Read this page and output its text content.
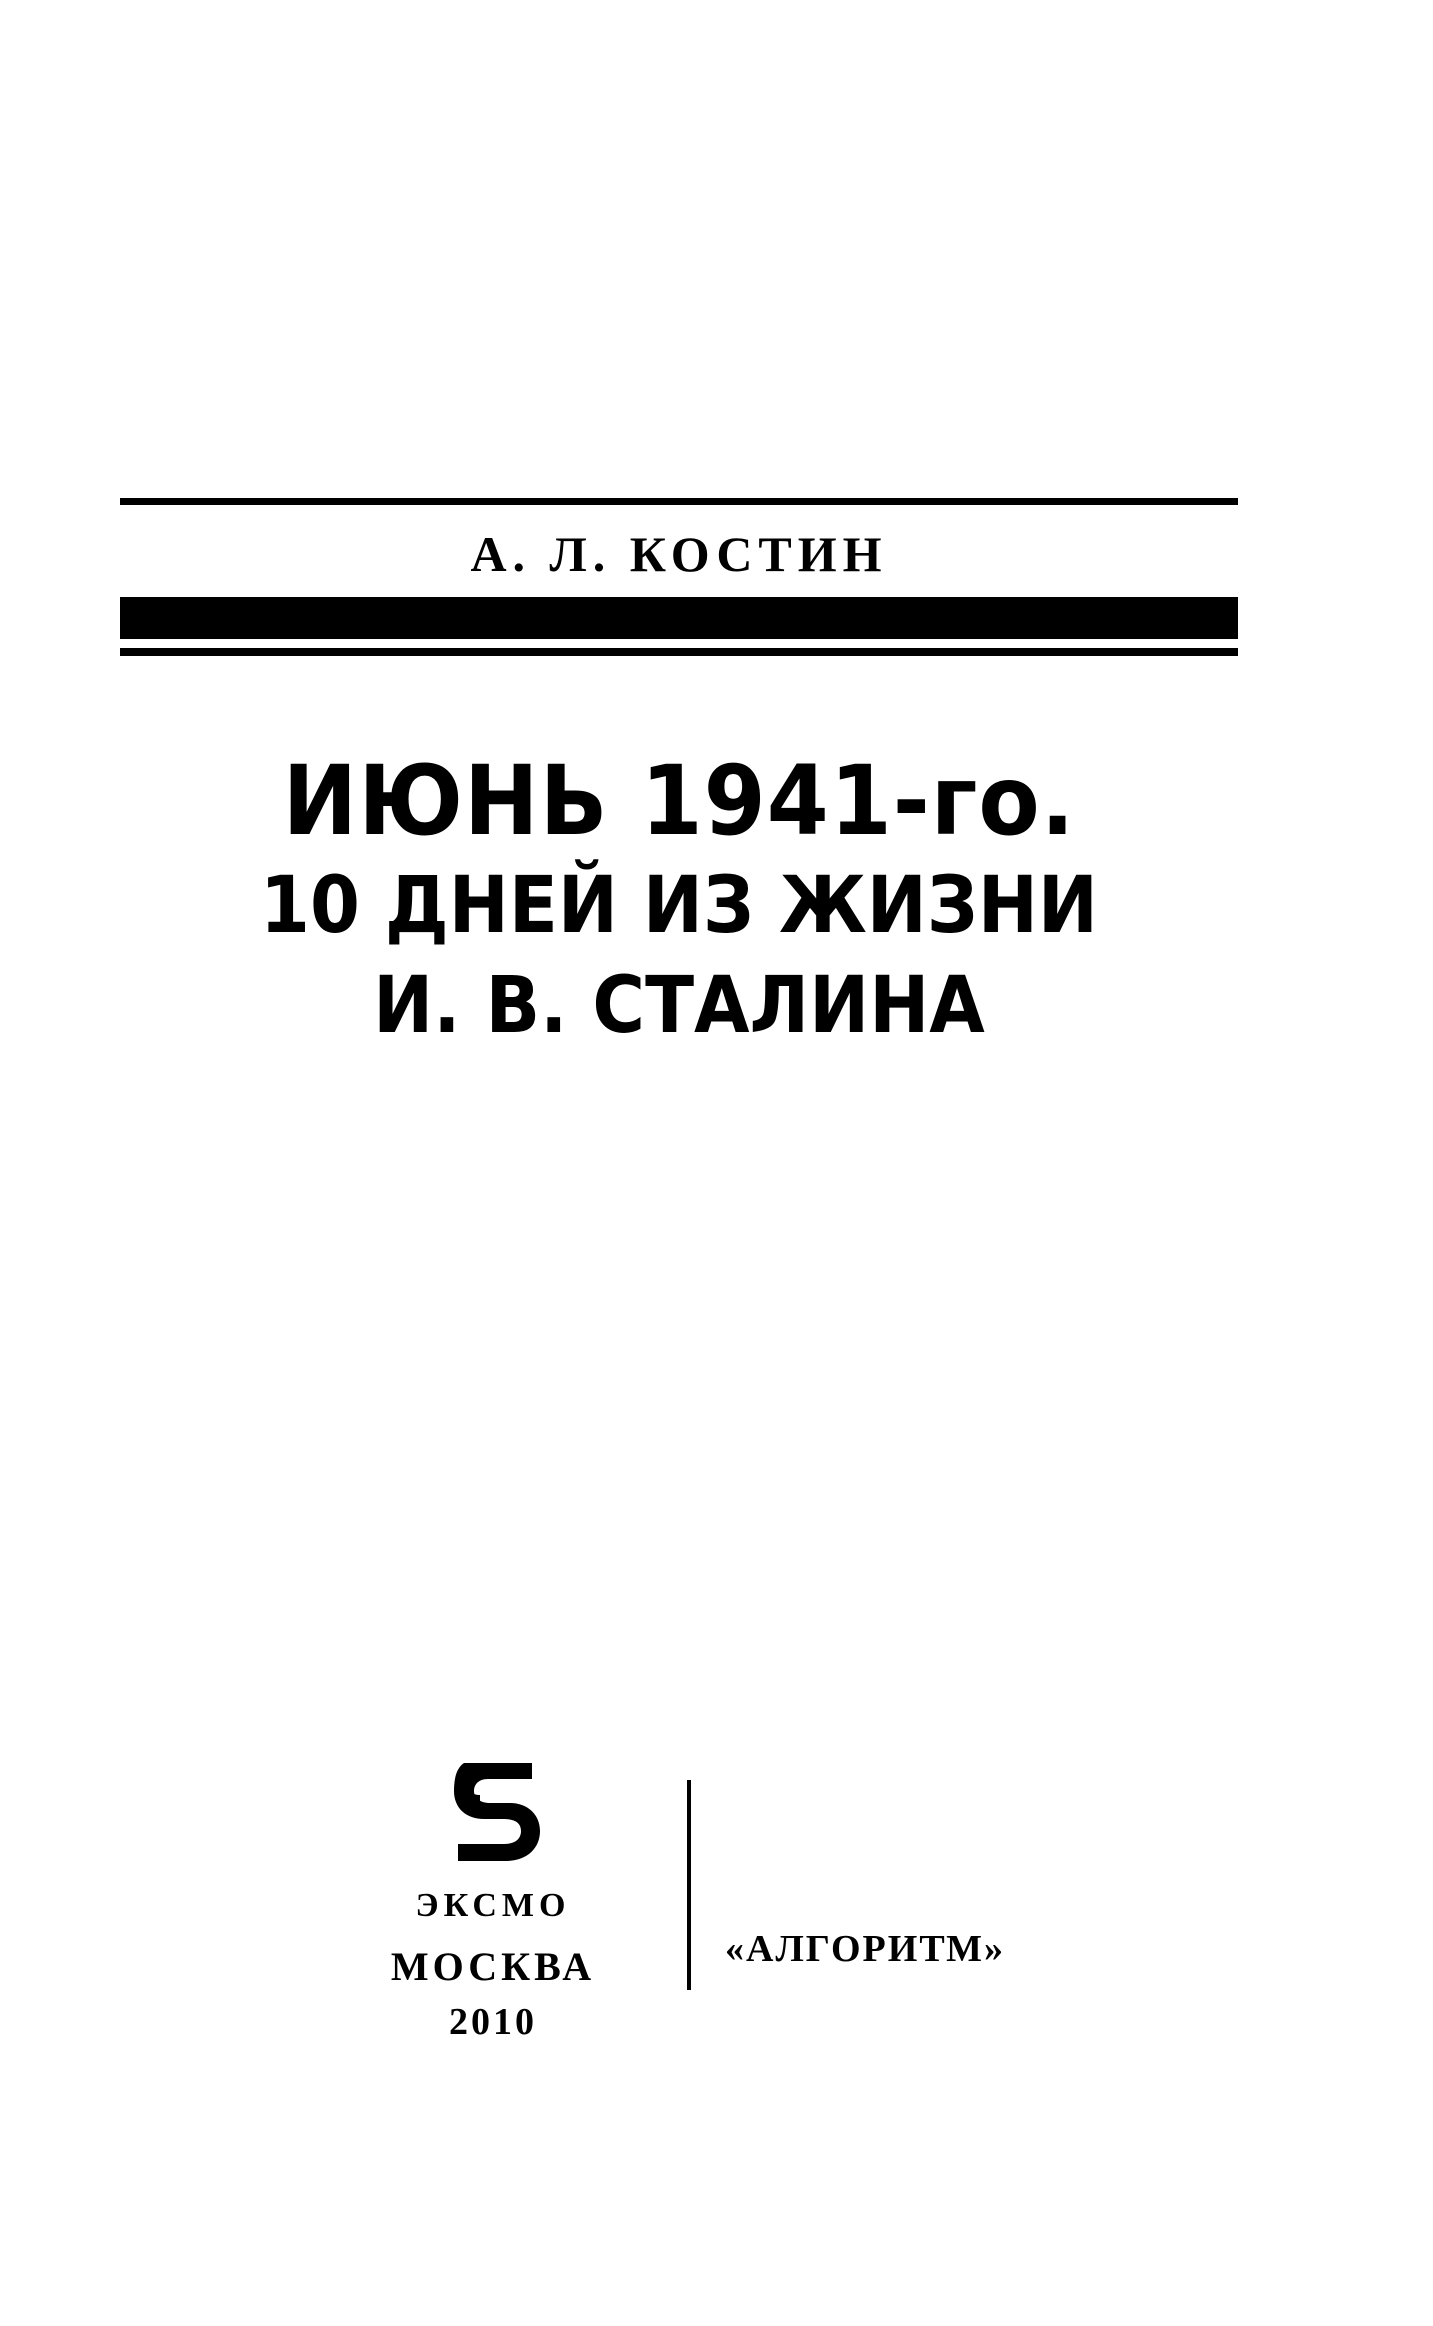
А. Л. КОСТИН
ИЮНЬ 1941-го.
10 ДНЕЙ ИЗ ЖИЗНИ
И. В. СТАЛИНА
ЭКСМО
МОСКВА
2010
«АЛГОРИТМ»
